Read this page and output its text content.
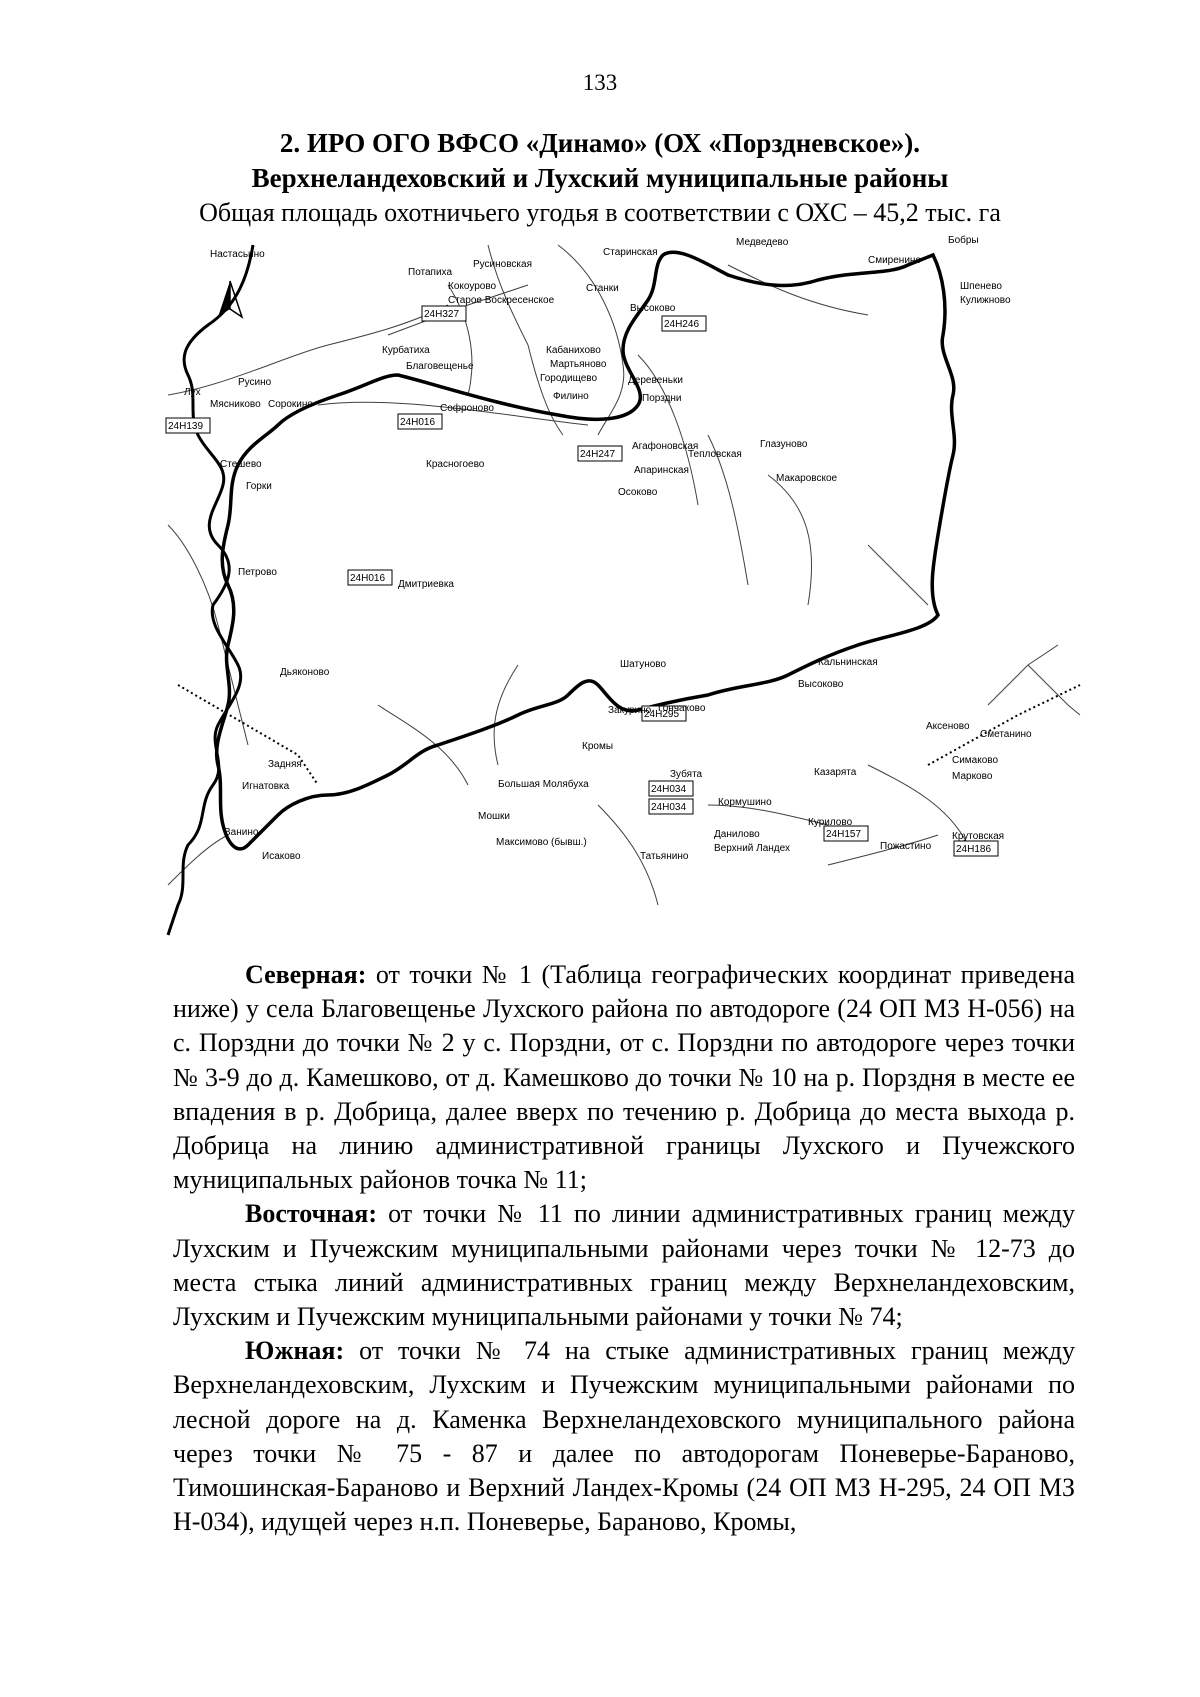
133
2. ИРО ОГО ВФСО «Динамо» (ОХ «Порздневское»).
Верхнеландеховский и Лухский муниципальные районы
Общая площадь охотничьего угодья в соответствии с ОХС – 45,2 тыс. га
24Н327
24Н246
24Н016
24Н247
24Н139
24Н016
24Н034
24Н034
24Н157
24Н186
24Н295
Настасьино
Потапиха
Русиновская
Кокоурово
Старое Воскресенское
Старинская
Медведево
Смиренино
Бобры
Шпенево
Кулижново
Станки
Высоково
Благовещенье
Курбатиха	Кабанихово
Мартьяново
Городищево	Деревеньки
Порздни
Филино
Русино
Мясниково Сорокино
Лух
Софроново
Агафоновская
Тепловская
Глазуново
Макаровское
Апаринская
Осоково
Красногоево
Горки
Стешево
Дмитриевка
Петрово
Шатуново
Закурино
Кальнинская
Высоково
Гончаково
Кромы
Большая Молябуха
Дьяконово
Задняя
Игнатовка
Ванино
Исаково
Мошки
Максимово (бывш.)
Зубята
Кормушино
Данилово
Верхний Ландех
Татьянино
Казарята
Курилово
Пожастино
Аксеново
Сметанино
Симаково
Марково
Крутовская

Северная: от точки № 1 (Таблица географических координат приведена ниже) у села Благовещенье Лухского района по автодороге (24 ОП МЗ Н-056) на с. Порздни до точки № 2 у с. Порздни, от с. Порздни по автодороге через точки № 3-9 до д. Камешково, от д. Камешково до точки № 10 на р. Порздня в месте ее впадения в р. Добрица, далее вверх по течению р. Добрица до места выхода р. Добрица на линию административной границы Лухского и Пучежского муниципальных районов точка № 11;

Восточная: от точки № 11 по линии административных границ между Лухским и Пучежским муниципальными районами через точки № 12-73 до места стыка линий административных границ между Верхнеландеховским, Лухским и Пучежским муниципальными районами у точки № 74;

Южная: от точки № 74 на стыке административных границ между Верхнеландеховским, Лухским и Пучежским муниципальными районами по лесной дороге на д. Каменка Верхнеландеховского муниципального района через точки № 75 - 87 и далее по автодорогам Поневерье-Бараново, Тимошинская-Бараново и Верхний Ландех-Кромы (24 ОП МЗ Н-295, 24 ОП МЗ Н-034), идущей через н.п. Поневерье, Бараново, Кромы,
